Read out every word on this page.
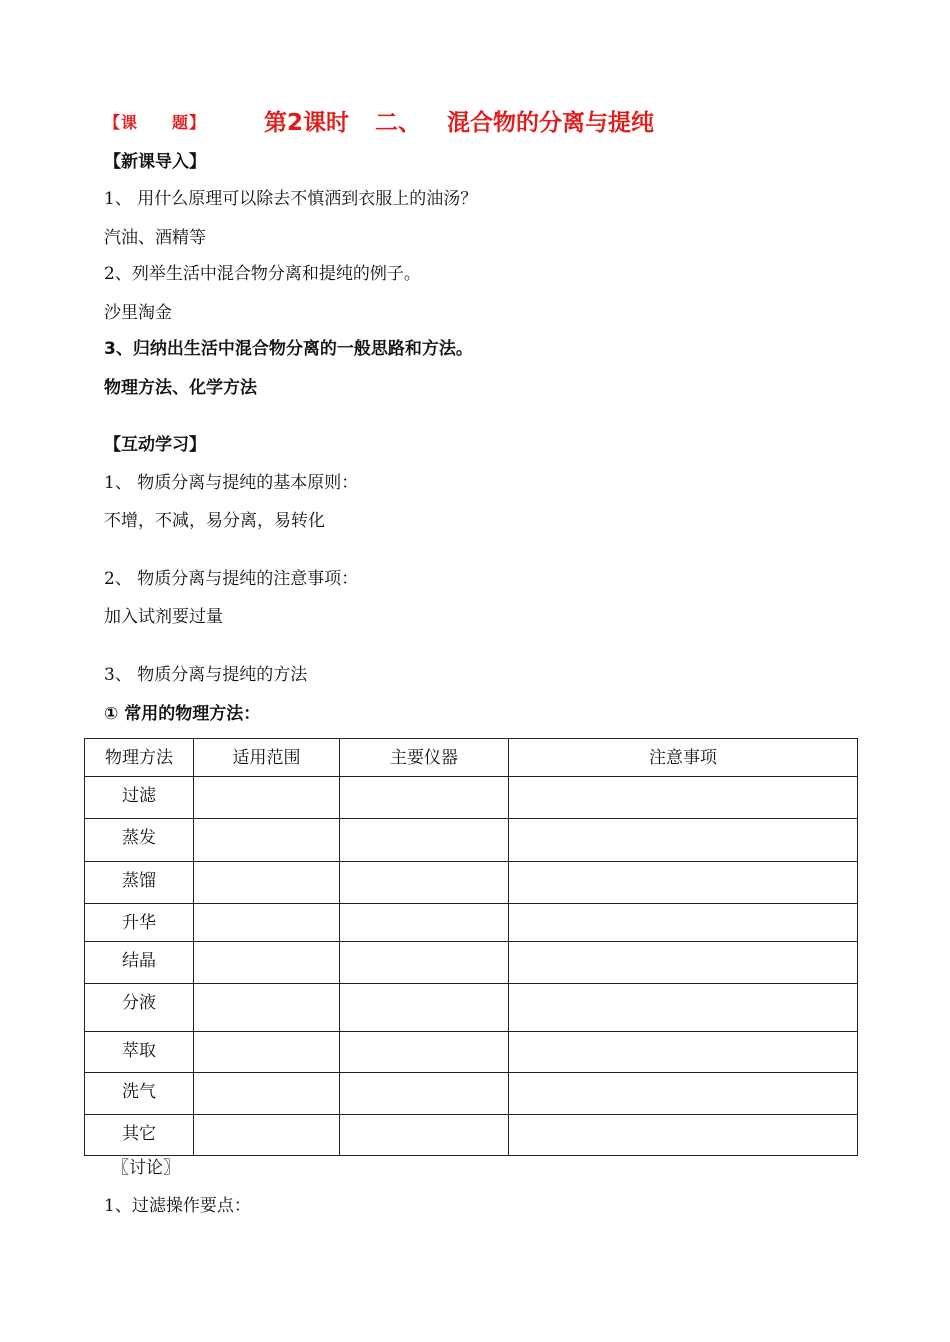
【课　　题】	第2课时 二、 混合物的分离与提纯
【新课导入】
1、 用什么原理可以除去不慎洒到衣服上的油汤？
汽油、酒精等
2、列举生活中混合物分离和提纯的例子。
沙里淘金
3、归纳出生活中混合物分离的一般思路和方法。
物理方法、化学方法
【互动学习】
1、 物质分离与提纯的基本原则：
不增，不减，易分离，易转化
2、 物质分离与提纯的注意事项：
加入试剂要过量
3、 物质分离与提纯的方法
① 常用的物理方法：
物理方法	适用范围	主要仪器	注意事项
过滤			
蒸发			
蒸馏			
升华			
结晶			
分液			
萃取			
洗气			
其它			
〖讨论〗
1、过滤操作要点：
